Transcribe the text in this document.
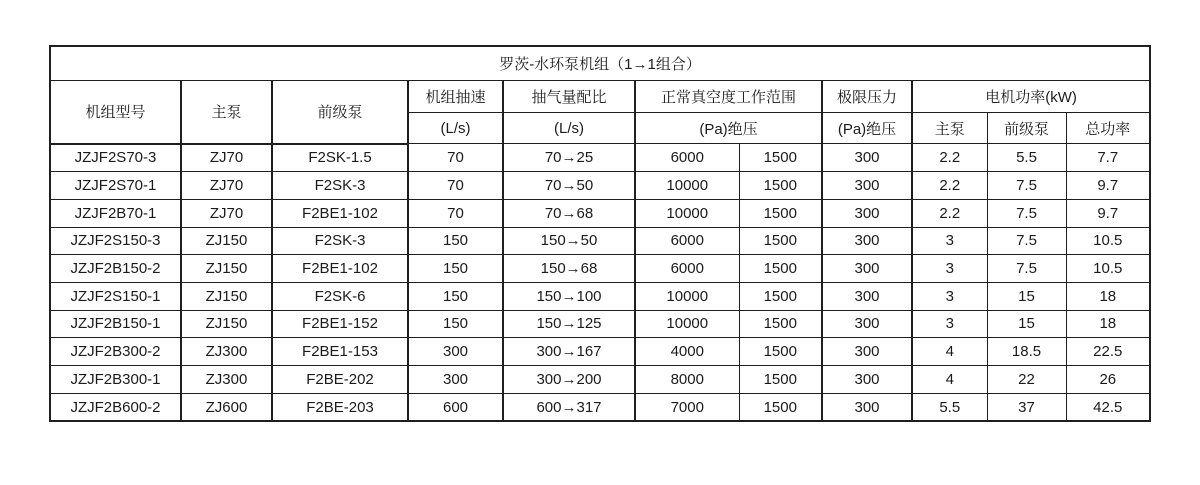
罗茨-水环泵机组（1→1组合）										
机组型号	主泵	前级泵	机组抽速	抽气量配比	正常真空度工作范围		极限压力	电机功率(kW)		
			(L/s)	(L/s)	(Pa)绝压		(Pa)绝压	主泵	前级泵	总功率
JZJF2S70-3	ZJ70	F2SK-1.5	70	70→25	6000	1500	300	2.2	5.5	7.7
JZJF2S70-1	ZJ70	F2SK-3	70	70→50	10000	1500	300	2.2	7.5	9.7
JZJF2B70-1	ZJ70	F2BE1-102	70	70→68	10000	1500	300	2.2	7.5	9.7
JZJF2S150-3	ZJ150	F2SK-3	150	150→50	6000	1500	300	3	7.5	10.5
JZJF2B150-2	ZJ150	F2BE1-102	150	150→68	6000	1500	300	3	7.5	10.5
JZJF2S150-1	ZJ150	F2SK-6	150	150→100	10000	1500	300	3	15	18
JZJF2B150-1	ZJ150	F2BE1-152	150	150→125	10000	1500	300	3	15	18
JZJF2B300-2	ZJ300	F2BE1-153	300	300→167	4000	1500	300	4	18.5	22.5
JZJF2B300-1	ZJ300	F2BE-202	300	300→200	8000	1500	300	4	22	26
JZJF2B600-2	ZJ600	F2BE-203	600	600→317	7000	1500	300	5.5	37	42.5
